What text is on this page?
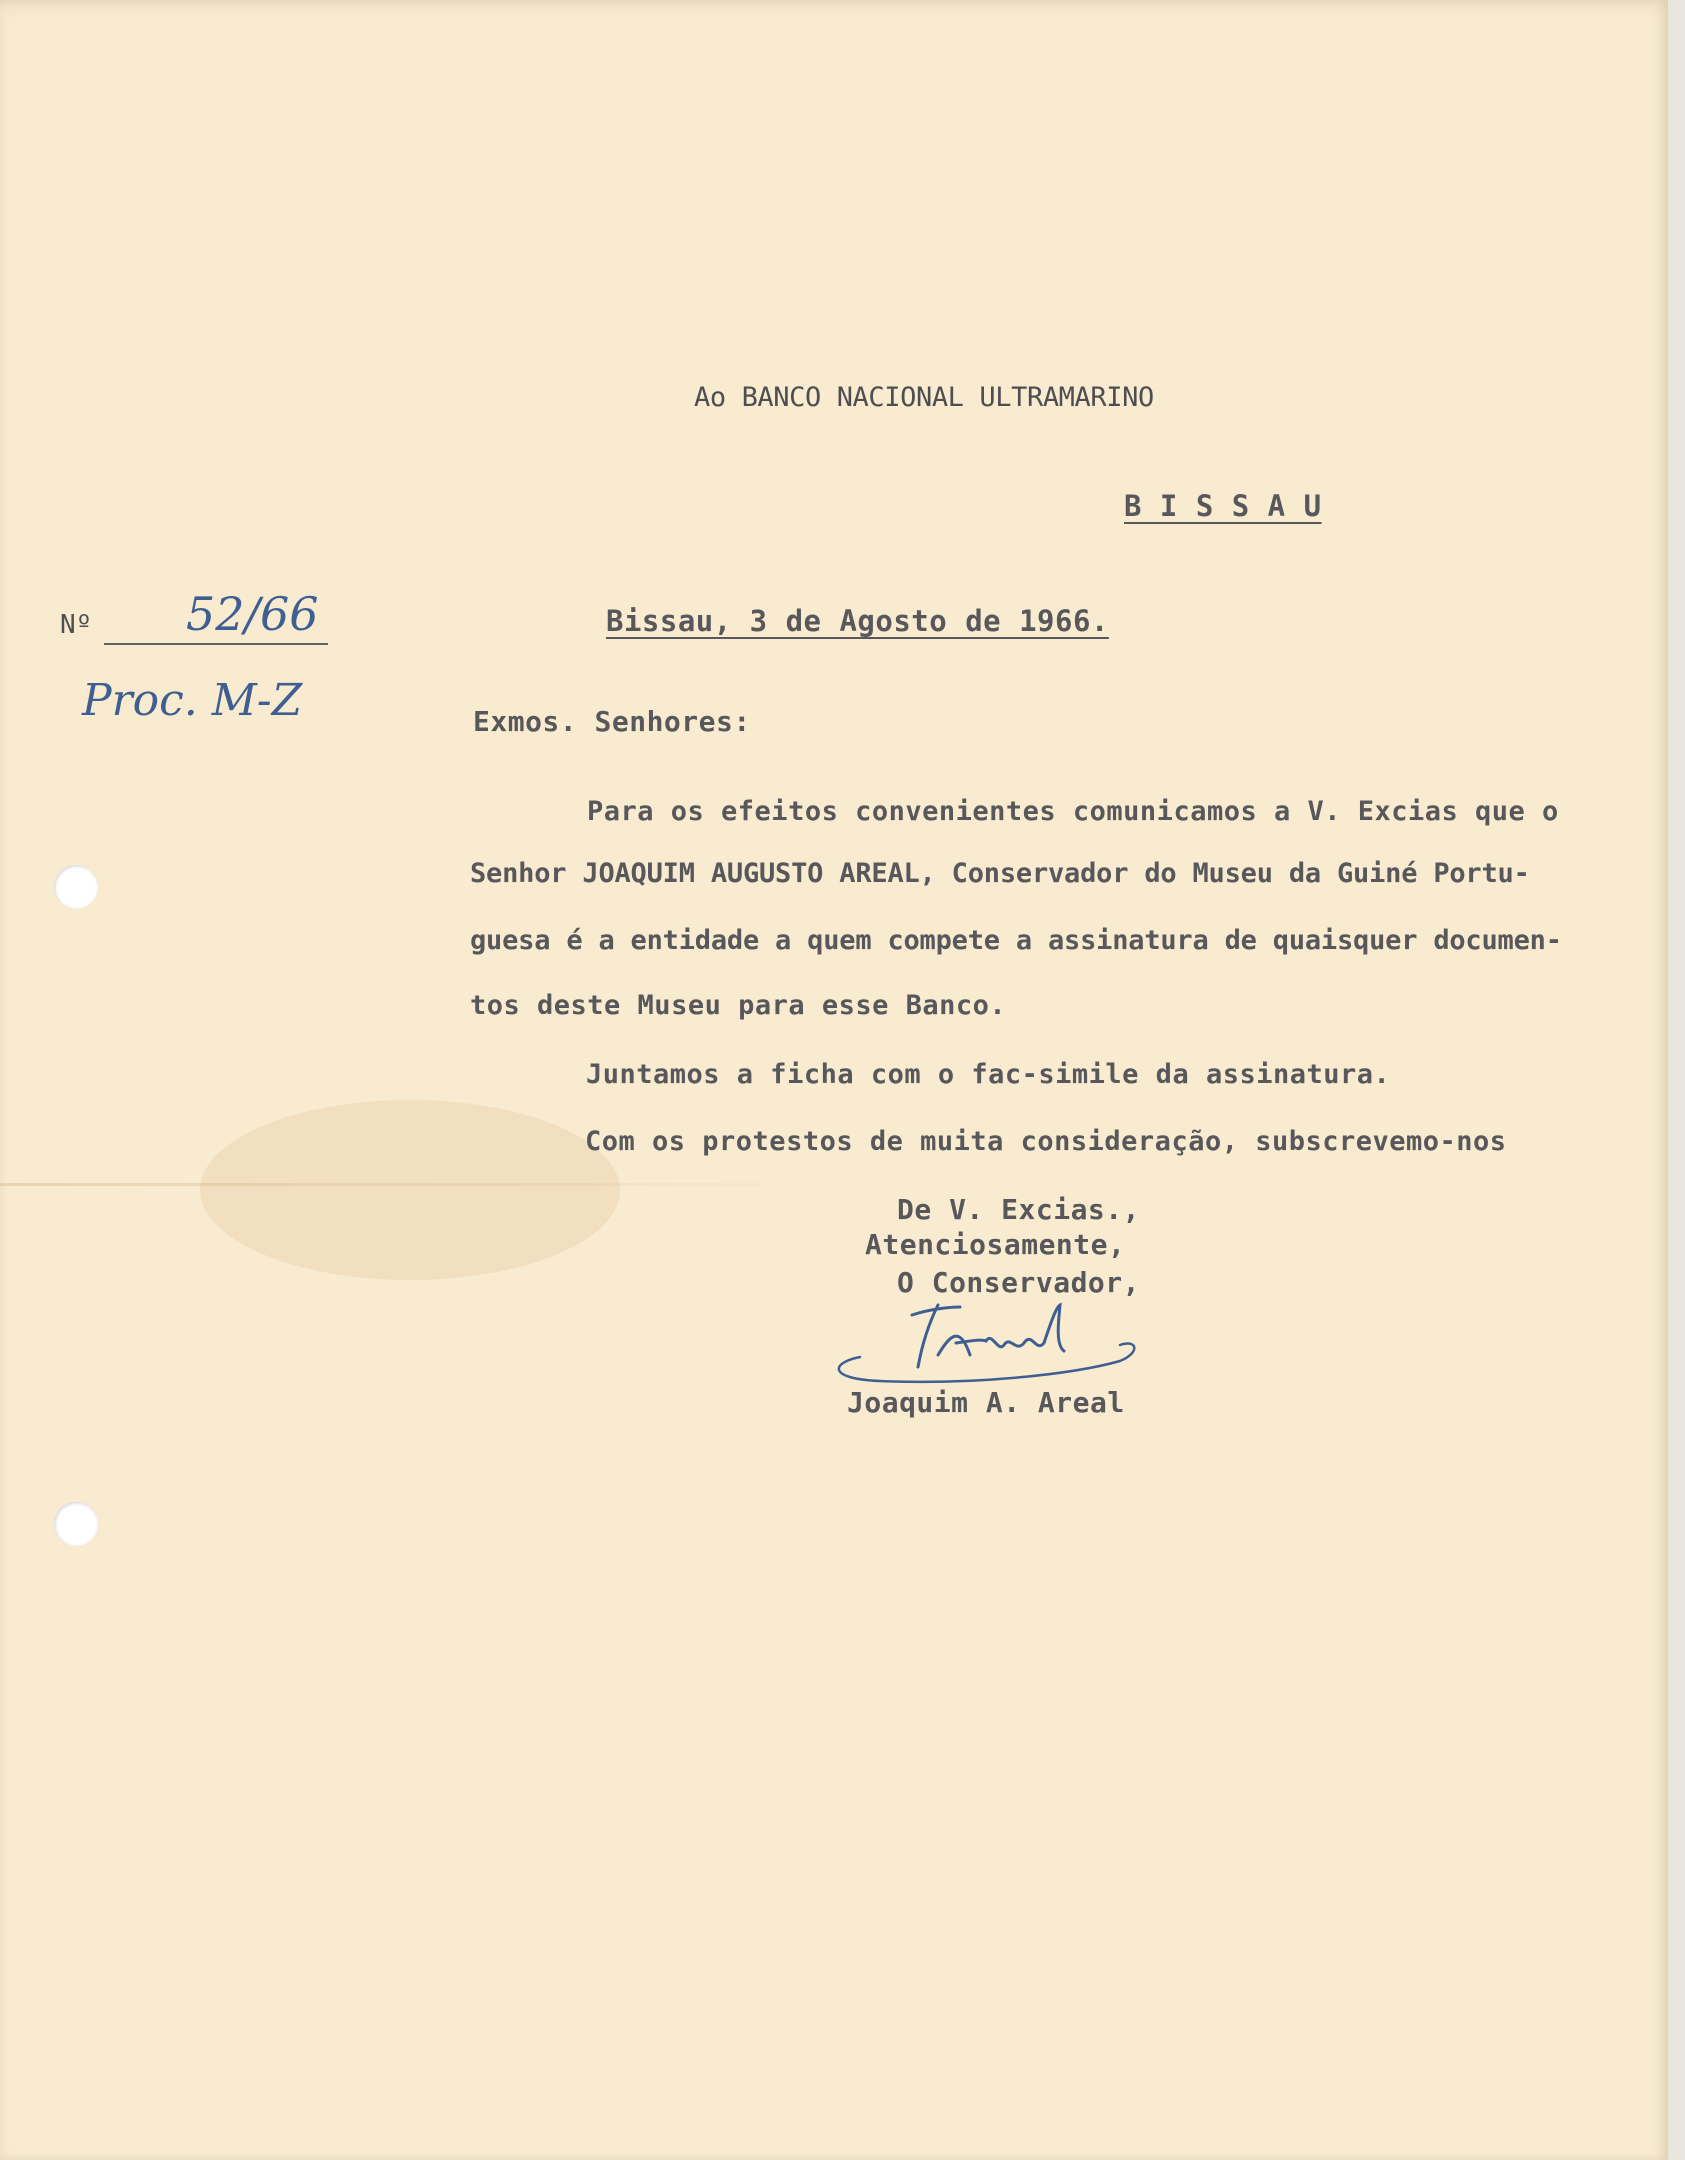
Ao BANCO NACIONAL ULTRAMARINO

B I S S A U

Nº 52/66
Proc. M-Z

Bissau, 3 de Agosto de 1966.

Exmos. Senhores:

Para os efeitos convenientes comunicamos a V. Excias que o

Senhor JOAQUIM AUGUSTO AREAL, Conservador do Museu da Guiné Portu-

guesa é a entidade a quem compete a assinatura de quaisquer documen-

tos deste Museu para esse Banco.

Juntamos a ficha com o fac-simile da assinatura.

Com os protestos de muita consideração, subscrevemo-nos

De V. Excias.,

Atenciosamente,

O Conservador,

Joaquim A. Areal
